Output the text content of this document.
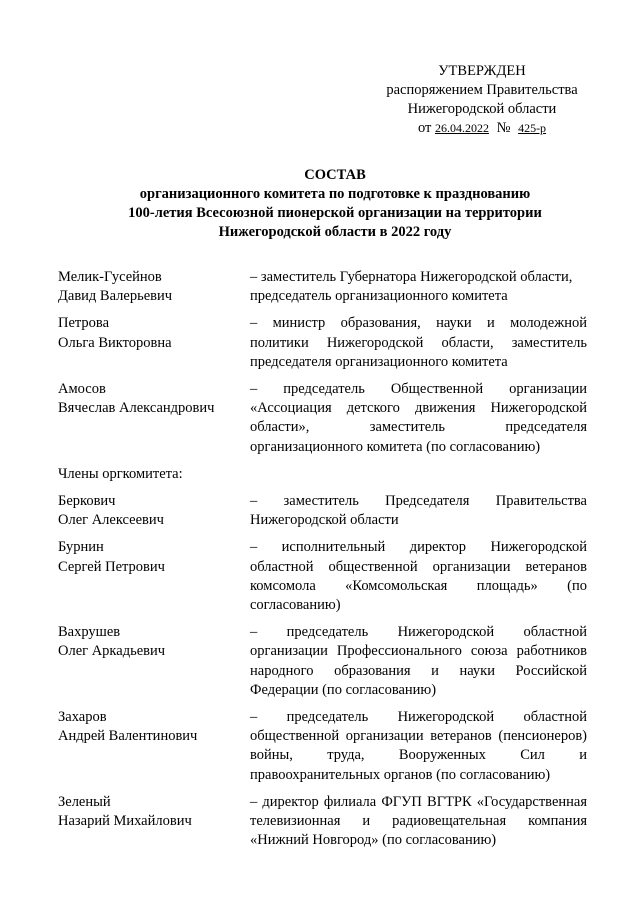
УТВЕРЖДЕН
распоряжением Правительства
Нижегородской области
от 26.04.2022 № 425-р
СОСТАВ
организационного комитета по подготовке к празднованию
100-летия Всесоюзной пионерской организации на территории
Нижегородской области в 2022 году
Мелик-Гусейнов
Давид Валерьевич
– заместитель Губернатора Нижегородской области, председатель организационного комитета
Петрова
Ольга Викторовна
– министр образования, науки и молодежной политики Нижегородской области, заместитель председателя организационного комитета
Амосов
Вячеслав Александрович
– председатель Общественной организации «Ассоциация детского движения Нижегородской области», заместитель председателя организационного комитета (по согласованию)
Члены оргкомитета:
Беркович
Олег Алексеевич
– заместитель Председателя Правительства Нижегородской области
Бурнин
Сергей Петрович
– исполнительный директор Нижегородской областной общественной организации ветеранов комсомола «Комсомольская площадь» (по согласованию)
Вахрушев
Олег Аркадьевич
– председатель Нижегородской областной организации Профессионального союза работников народного образования и науки Российской Федерации (по согласованию)
Захаров
Андрей Валентинович
– председатель Нижегородской областной общественной организации ветеранов (пенсионеров) войны, труда, Вооруженных Сил и правоохранительных органов (по согласованию)
Зеленый
Назарий Михайлович
– директор филиала ФГУП ВГТРК «Государственная телевизионная и радиовещательная компания «Нижний Новгород» (по согласованию)
